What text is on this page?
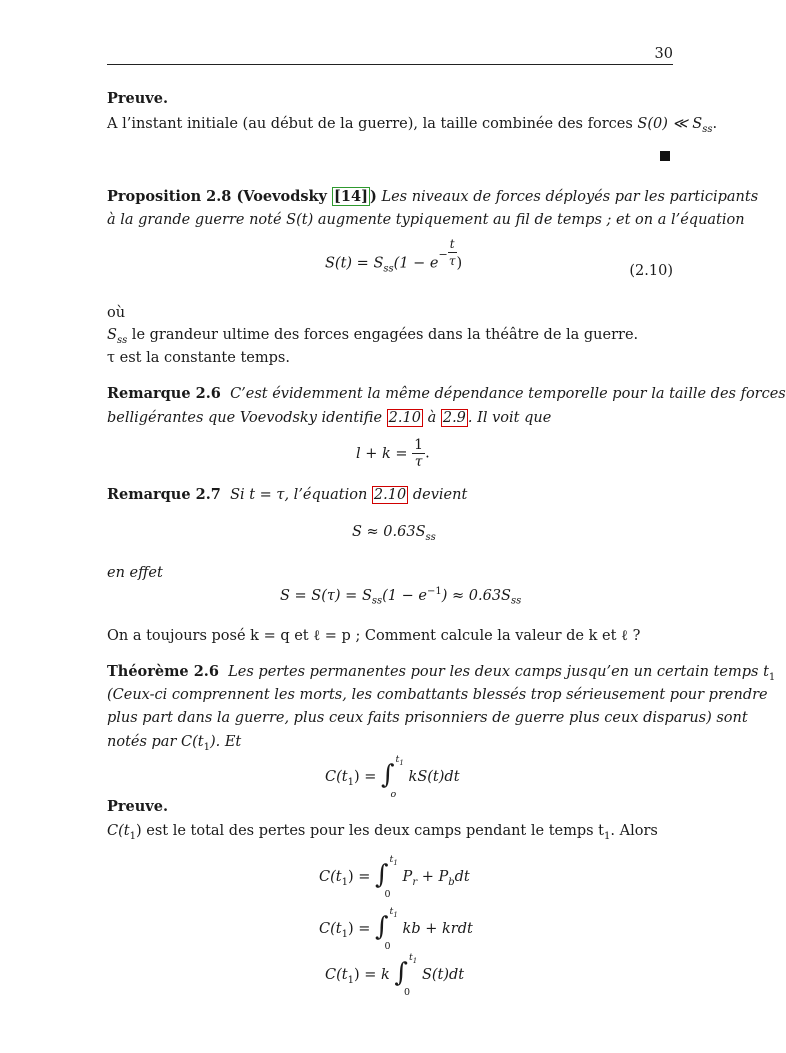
30
Preuve.
A l’instant initiale (au début de la guerre), la taille combinée des forces S(0) ≪ $S_{ss}$.
Proposition 2.8 (Voevodsky [14] ) Les niveaux de forces déployés par les participants
à la grande guerre noté S(t) augmente typiquement au fil de temps ; et on a l’équation
$S(t) = S_{ss}(1 - e^- \frac{t}{\tau}$ )	(2.10)
où
$S_{ss}$ le grandeur ultime des forces engagées dans la théâtre de la guerre.
τ est la constante temps.
Remarque 2.6 C’est évidemment la même dépendance temporelle pour la taille des forces
belligérantes que Voevodsky identifie 2.10 à 2.9 . Il voit que
$l + k = \frac{1}{\tau}$ .
Remarque 2.7 Si t = τ, l’équation 2.10 devient
$S \approx 0.63S_{ss}$
en effet
$S = S(\tau) = S_{ss}(1 - e^{-1}) \approx 0.63S_{ss}$
On a toujours posé k = q et ℓ = p ; Comment calcule la valeur de k et ℓ ?
Théorème 2.6 Les pertes permanentes pour les deux camps jusqu’en un certain temps $t_1$
(Ceux-ci comprennent les morts, les combattants blessés trop sérieusement pour prendre
plus part dans la guerre, plus ceux faits prisonniers de guerre plus ceux disparus) sont
notés par $C(t_1)$. Et
$C(t_1)$ = ∫
$t_1$
o
kS(t)dt
Preuve.
$C(t_1)$ est le total des pertes pour les deux camps pendant le temps $t_1$. Alors
$C(t_1)$ = ∫
$t_1$
0
$P_r + P_bdt$
$C(t_1)$ = ∫
$t_1$
0
kb + krdt
$C(t_1) = k$ ∫
$t_1$
0
S(t)dt
